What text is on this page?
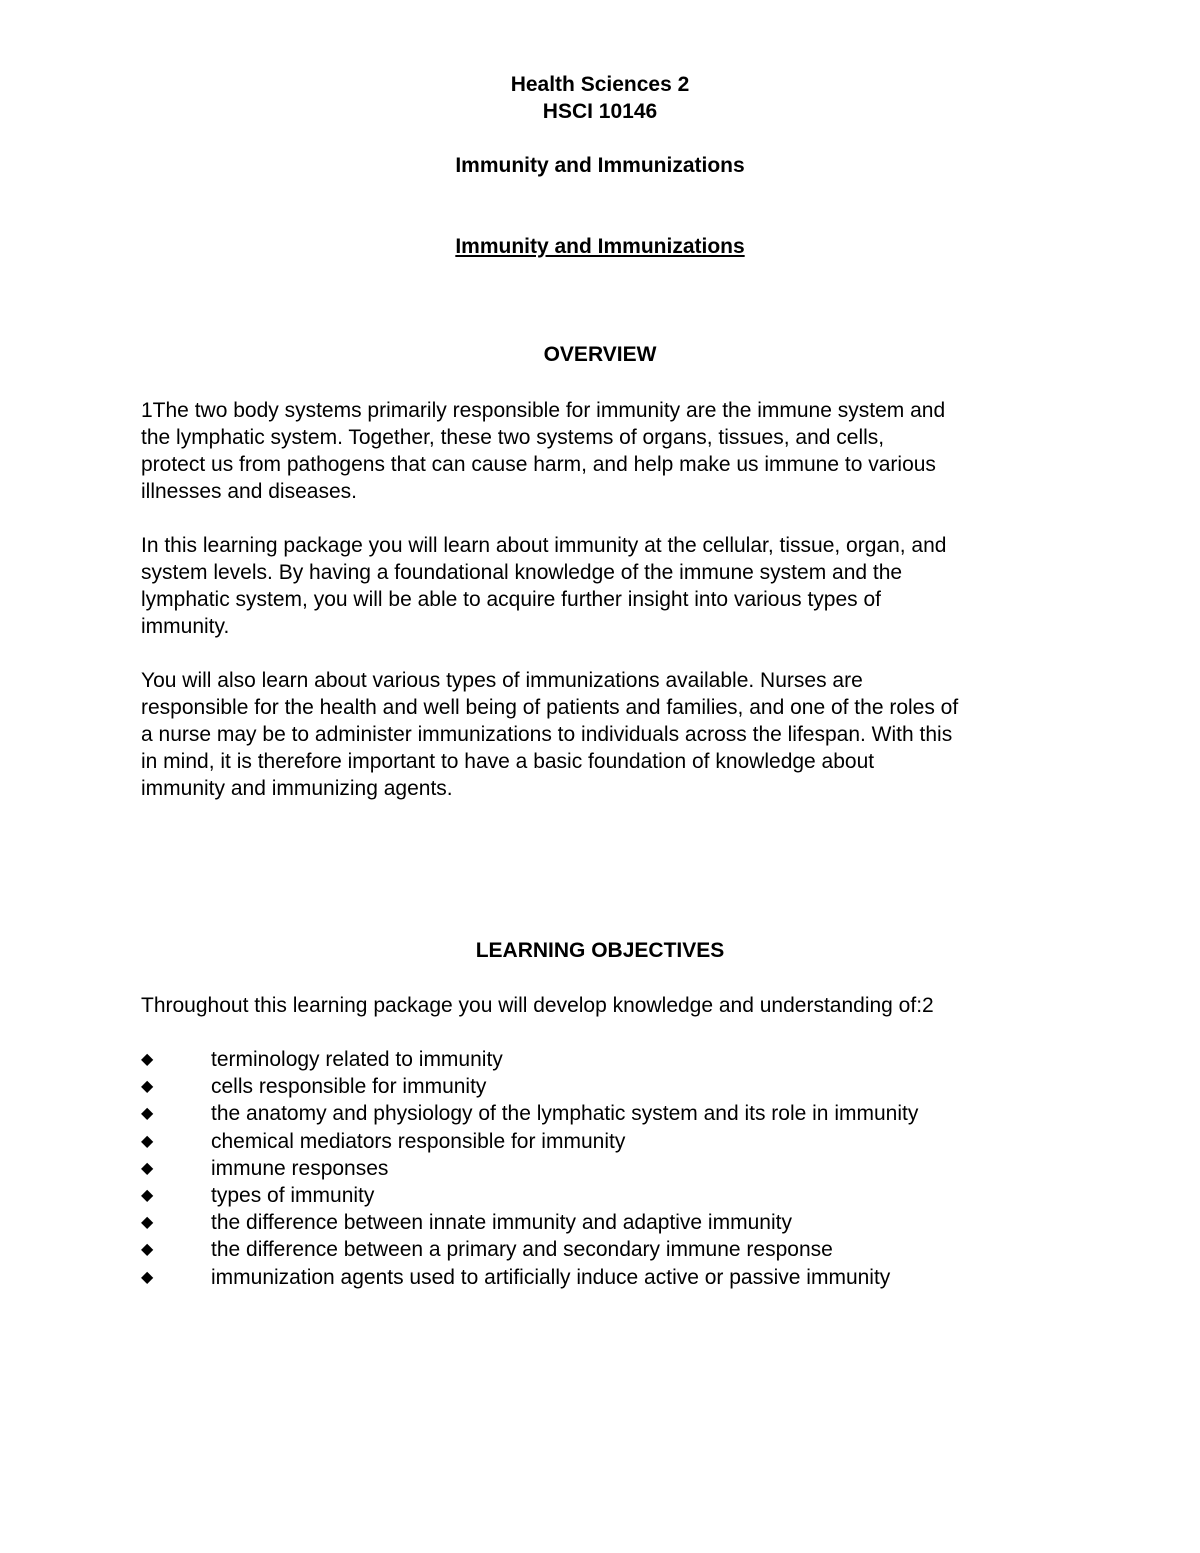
Health Sciences 2
HSCI 10146
Immunity and Immunizations
Immunity and Immunizations
OVERVIEW
1The two body systems primarily responsible for immunity are the immune system and
the lymphatic system. Together, these two systems of organs, tissues, and cells,
protect us from pathogens that can cause harm, and help make us immune to various
illnesses and diseases.
In this learning package you will learn about immunity at the cellular, tissue, organ, and
system levels. By having a foundational knowledge of the immune system and the
lymphatic system, you will be able to acquire further insight into various types of
immunity.
You will also learn about various types of immunizations available. Nurses are
responsible for the health and well being of patients and families, and one of the roles of
a nurse may be to administer immunizations to individuals across the lifespan. With this
in mind, it is therefore important to have a basic foundation of knowledge about
immunity and immunizing agents.
LEARNING OBJECTIVES
Throughout this learning package you will develop knowledge and understanding of:2
◆	terminology related to immunity
◆	cells responsible for immunity
◆	the anatomy and physiology of the lymphatic system and its role in immunity
◆	chemical mediators responsible for immunity
◆	immune responses
◆	types of immunity
◆	the difference between innate immunity and adaptive immunity
◆	the difference between a primary and secondary immune response
◆	immunization agents used to artificially induce active or passive immunity
